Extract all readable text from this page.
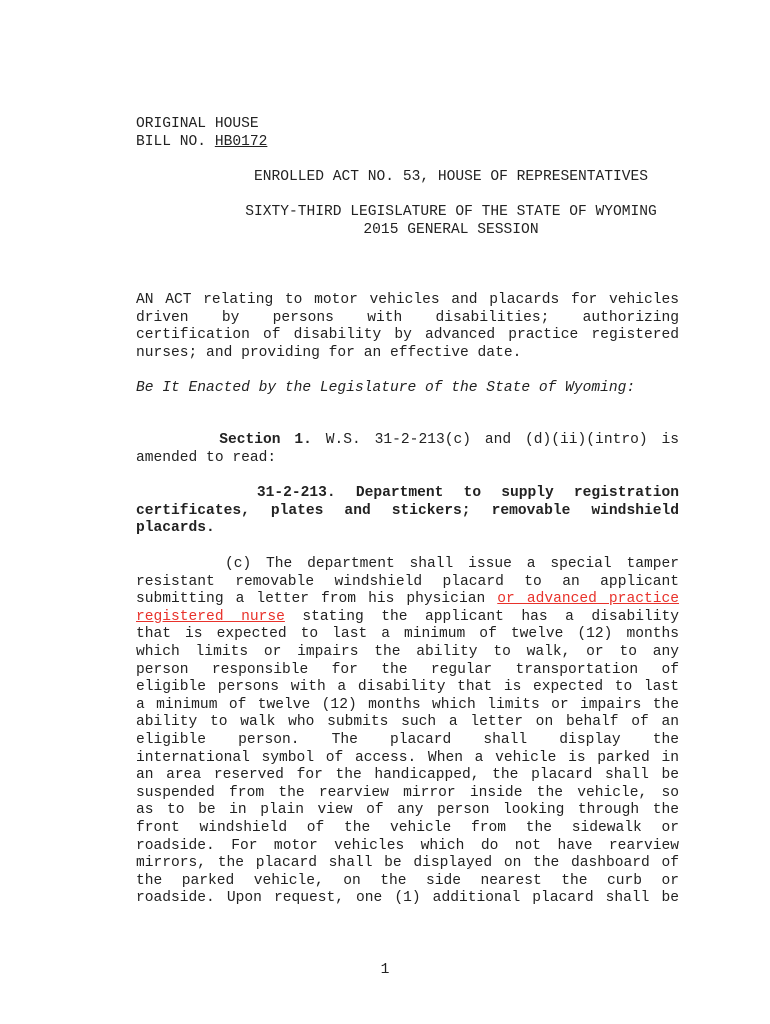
ORIGINAL HOUSE
BILL NO. HB0172
ENROLLED ACT NO. 53, HOUSE OF REPRESENTATIVES
SIXTY-THIRD LEGISLATURE OF THE STATE OF WYOMING
2015 GENERAL SESSION
AN ACT relating to motor vehicles and placards for vehicles
driven by persons with disabilities; authorizing
certification of disability by advanced practice registered
nurses; and providing for an effective date.
Be It Enacted by the Legislature of the State of Wyoming:
Section 1. W.S. 31-2-213(c) and (d)(ii)(intro) is
amended to read:
31-2-213. Department to supply registration
certificates, plates and stickers; removable windshield
placards.
(c) The department shall issue a special tamper
resistant removable windshield placard to an applicant
submitting a letter from his physician or advanced practice
registered nurse stating the applicant has a disability
that is expected to last a minimum of twelve (12) months
which limits or impairs the ability to walk, or to any
person responsible for the regular transportation of
eligible persons with a disability that is expected to last
a minimum of twelve (12) months which limits or impairs the
ability to walk who submits such a letter on behalf of an
eligible person. The placard shall display the
international symbol of access. When a vehicle is parked in
an area reserved for the handicapped, the placard shall be
suspended from the rearview mirror inside the vehicle, so
as to be in plain view of any person looking through the
front windshield of the vehicle from the sidewalk or
roadside. For motor vehicles which do not have rearview
mirrors, the placard shall be displayed on the dashboard of
the parked vehicle, on the side nearest the curb or
roadside. Upon request, one (1) additional placard shall be
1
